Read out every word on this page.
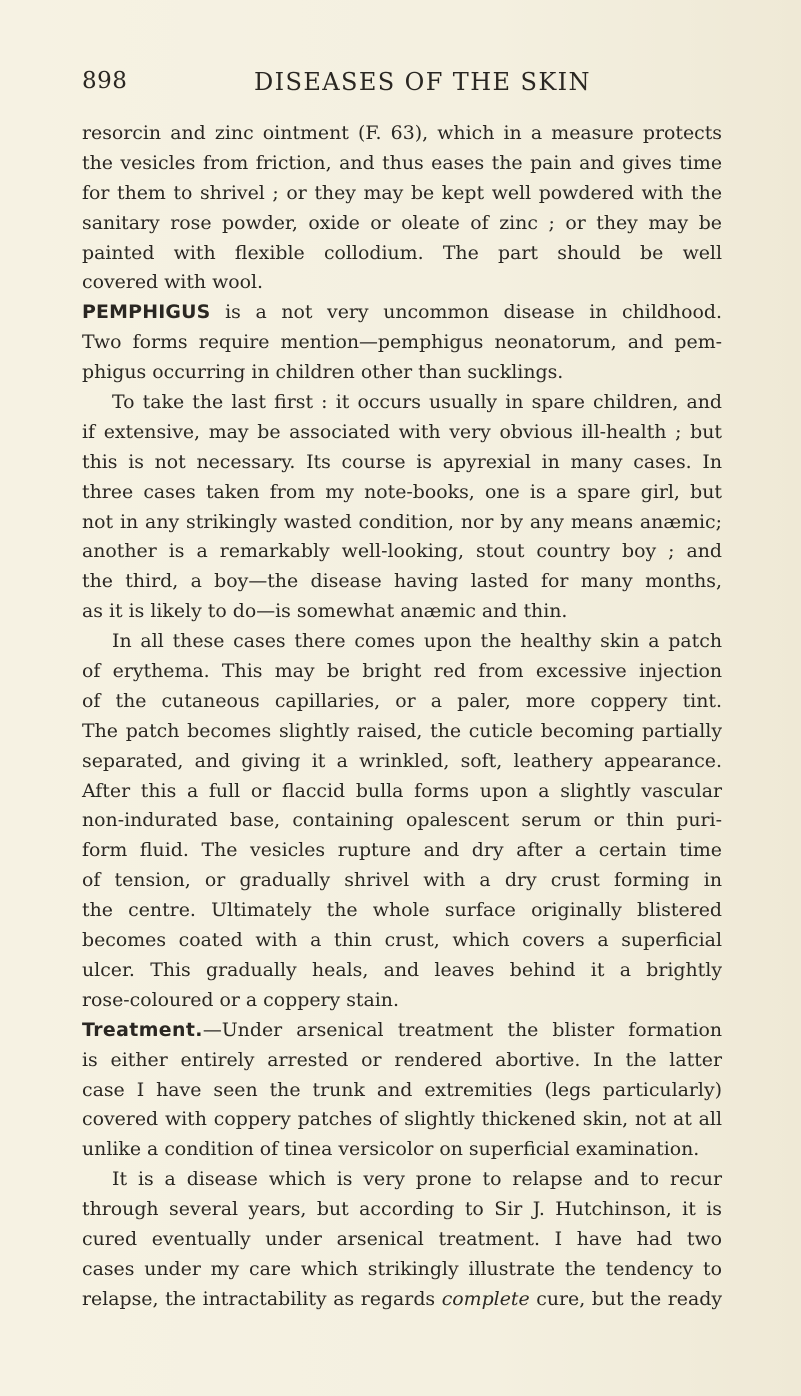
898	DISEASES OF THE SKIN
resorcin and zinc ointment (F. 63), which in a measure protects
the vesicles from friction, and thus eases the pain and gives time
for them to shrivel ; or they may be kept well powdered with the
sanitary rose powder, oxide or oleate of zinc ; or they may be
painted with flexible collodium. The part should be well
covered with wool.
PEMPHIGUS is a not very uncommon disease in childhood.
Two forms require mention—pemphigus neonatorum, and pem-
phigus occurring in children other than sucklings.
To take the last first : it occurs usually in spare children, and
if extensive, may be associated with very obvious ill-health ; but
this is not necessary. Its course is apyrexial in many cases. In
three cases taken from my note-books, one is a spare girl, but
not in any strikingly wasted condition, nor by any means anæmic;
another is a remarkably well-looking, stout country boy ; and
the third, a boy—the disease having lasted for many months,
as it is likely to do—is somewhat anæmic and thin.
In all these cases there comes upon the healthy skin a patch
of erythema. This may be bright red from excessive injection
of the cutaneous capillaries, or a paler, more coppery tint.
The patch becomes slightly raised, the cuticle becoming partially
separated, and giving it a wrinkled, soft, leathery appearance.
After this a full or flaccid bulla forms upon a slightly vascular
non-indurated base, containing opalescent serum or thin puri-
form fluid. The vesicles rupture and dry after a certain time
of tension, or gradually shrivel with a dry crust forming in
the centre. Ultimately the whole surface originally blistered
becomes coated with a thin crust, which covers a superficial
ulcer. This gradually heals, and leaves behind it a brightly
rose-coloured or a coppery stain.
Treatment.—Under arsenical treatment the blister formation
is either entirely arrested or rendered abortive. In the latter
case I have seen the trunk and extremities (legs particularly)
covered with coppery patches of slightly thickened skin, not at all
unlike a condition of tinea versicolor on superficial examination.
It is a disease which is very prone to relapse and to recur
through several years, but according to Sir J. Hutchinson, it is
cured eventually under arsenical treatment. I have had two
cases under my care which strikingly illustrate the tendency to
relapse, the intractability as regards complete cure, but the ready
